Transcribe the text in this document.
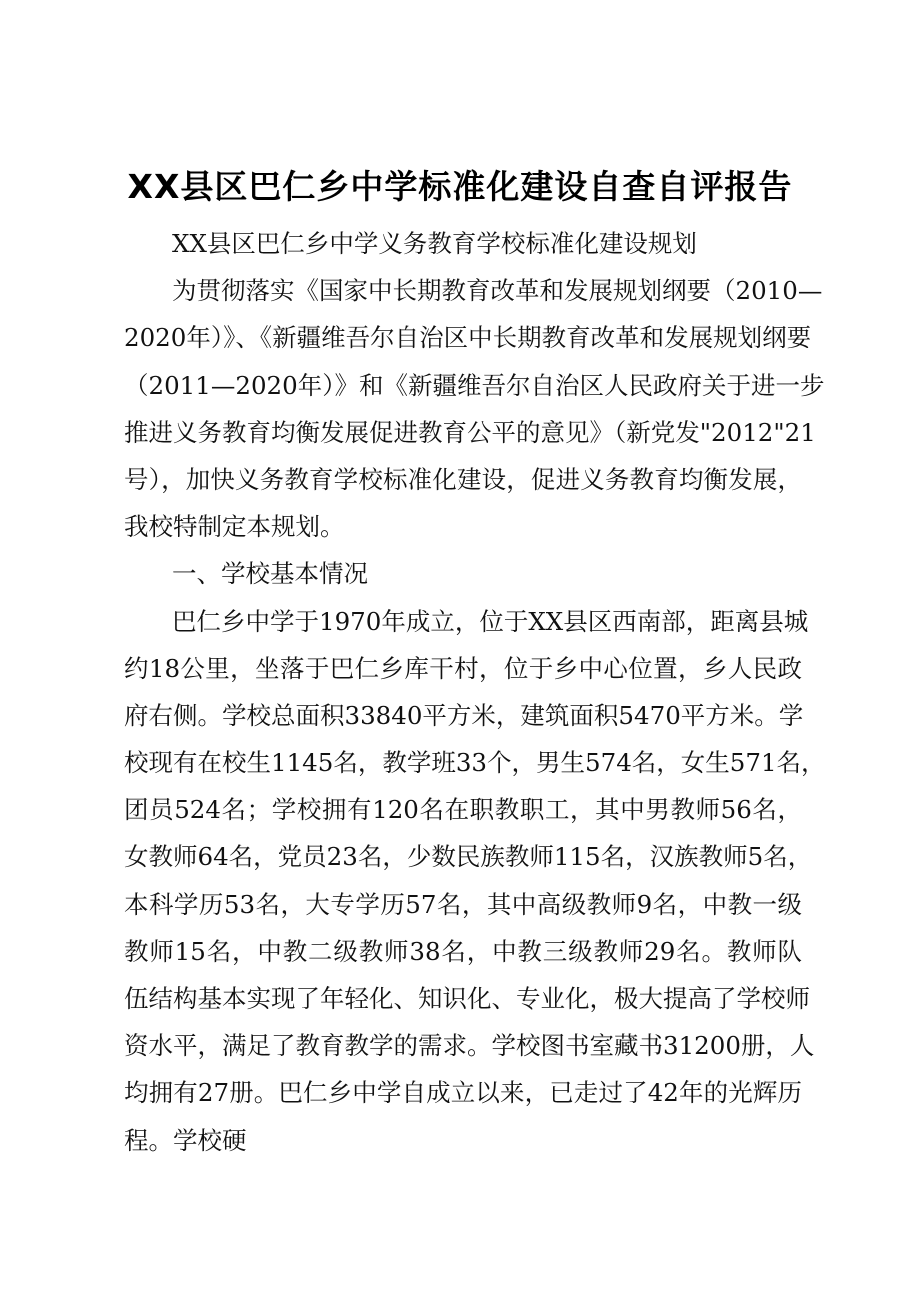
XX县区巴仁乡中学标准化建设自查自评报告
XX县区巴仁乡中学义务教育学校标准化建设规划
为贯彻落实《国家中长期教育改革和发展规划纲要（2010—
2020年）》、《新疆维吾尔自治区中长期教育改革和发展规划纲要
（2011—2020年）》和《新疆维吾尔自治区人民政府关于进一步
推进义务教育均衡发展促进教育公平的意见》（新党发"2012"21
号），加快义务教育学校标准化建设，促进义务教育均衡发展，
我校特制定本规划。
一、学校基本情况
巴仁乡中学于1970年成立，位于XX县区西南部，距离县城
约18公里，坐落于巴仁乡库干村，位于乡中心位置，乡人民政
府右侧。学校总面积33840平方米，建筑面积5470平方米。学
校现有在校生1145名，教学班33个，男生574名，女生571名，
团员524名；学校拥有120名在职教职工，其中男教师56名，
女教师64名，党员23名，少数民族教师115名，汉族教师5名，
本科学历53名，大专学历57名，其中高级教师9名，中教一级
教师15名，中教二级教师38名，中教三级教师29名。教师队
伍结构基本实现了年轻化、知识化、专业化，极大提高了学校师
资水平，满足了教育教学的需求。学校图书室藏书31200册，人
均拥有27册。巴仁乡中学自成立以来，已走过了42年的光辉历
程。学校硬
